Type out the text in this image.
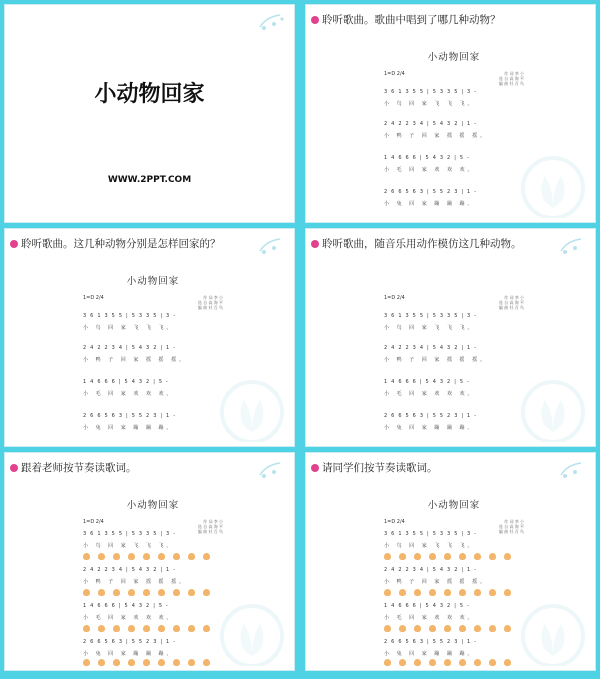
小动物回家
WWW.2PPT.COM
聆听歌曲。歌曲中唱到了哪几种动物？
小动物回家
1=D 2/4	作 词 李 小
选 自 高 海 平
编 曲 杜 百 鸟
3 6 1 3 5 5 | 5 3 3 5 | 3 -
小 鸟 回 家 飞 飞 飞。
2 4 2 2 3 4 | 5 4 3 2 | 1 -
小 鸭 子 回 家 摇 摇 摇。
1 4 6 6 6 | 5 4 3 2 | 5 -
小 毛 回 家 欢 欢 欢。
2 6 6 5 6 3 | 5 5 2 3 | 1 -
小 兔 回 家 蹦 蹦 蹦。
聆听歌曲。这几种动物分别是怎样回家的？
小动物回家
1=D 2/4	作 词 李 小
选 自 高 海 平
编 曲 杜 百 鸟
3 6 1 3 5 5 | 5 3 3 5 | 3 -
小 鸟 回 家 飞 飞 飞。
2 4 2 2 3 4 | 5 4 3 2 | 1 -
小 鸭 子 回 家 摇 摇 摇。
1 4 6 6 6 | 5 4 3 2 | 5 -
小 毛 回 家 欢 欢 欢。
2 6 6 5 6 3 | 5 5 2 3 | 1 -
小 兔 回 家 蹦 蹦 蹦。
聆听歌曲，随音乐用动作模仿这几种动物。
1=D 2/4	作 词 李 小
选 自 高 海 平
编 曲 杜 百 鸟
3 6 1 3 5 5 | 5 3 3 5 | 3 -
小 鸟 回 家 飞 飞 飞。
2 4 2 2 3 4 | 5 4 3 2 | 1 -
小 鸭 子 回 家 摇 摇 摇。
1 4 6 6 6 | 5 4 3 2 | 5 -
小 毛 回 家 欢 欢 欢。
2 6 6 5 6 3 | 5 5 2 3 | 1 -
小 兔 回 家 蹦 蹦 蹦。
跟着老师按节奏读歌词。
小动物回家
1=D 2/4	作 词 李 小
选 自 高 海 平
编 曲 杜 百 鸟
3 6 1 3 5 5 | 5 3 3 5 | 3 -
小 鸟 回 家 飞 飞 飞。
2 4 2 2 3 4 | 5 4 3 2 | 1 -
小 鸭 子 回 家 摇 摇 摇。
1 4 6 6 6 | 5 4 3 2 | 5 -
小 毛 回 家 欢 欢 欢。
2 6 6 5 6 3 | 5 5 2 3 | 1 -
小 兔 回 家 蹦 蹦 蹦。
请同学们按节奏读歌词。
小动物回家
1=D 2/4	作 词 李 小
选 自 高 海 平
编 曲 杜 百 鸟
3 6 1 3 5 5 | 5 3 3 5 | 3 -
小 鸟 回 家 飞 飞 飞。
2 4 2 2 3 4 | 5 4 3 2 | 1 -
小 鸭 子 回 家 摇 摇 摇。
1 4 6 6 6 | 5 4 3 2 | 5 -
小 毛 回 家 欢 欢 欢。
2 6 6 5 6 3 | 5 5 2 3 | 1 -
小 兔 回 家 蹦 蹦 蹦。
